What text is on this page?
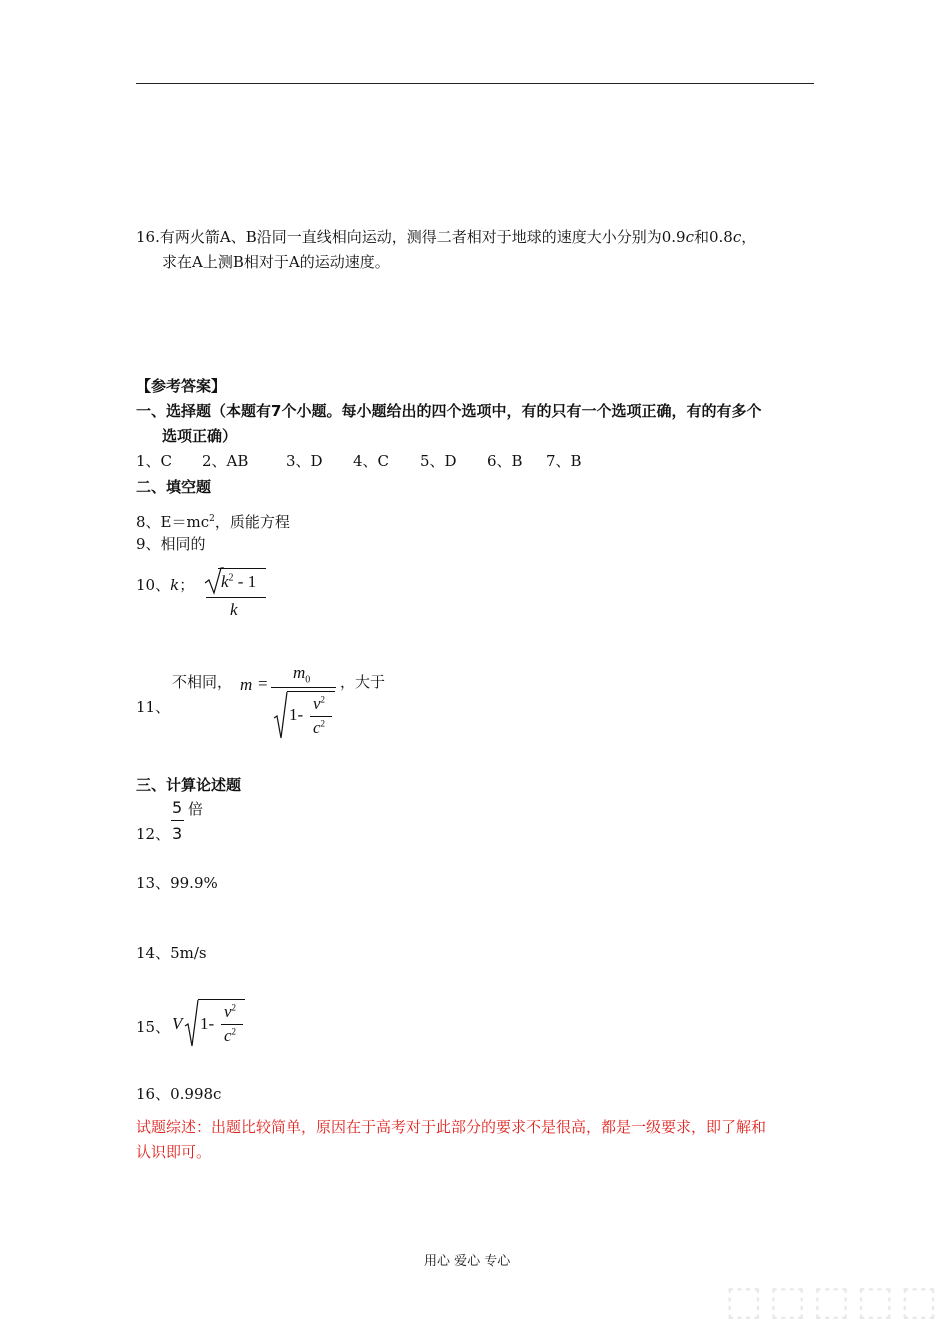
16.有两火箭A、B沿同一直线相向运动，测得二者相对于地球的速度大小分别为0.9c和0.8c，
求在A上测B相对于A的运动速度。
【参考答案】
一、选择题（本题有7个小题。每小题给出的四个选项中，有的只有一个选项正确，有的有多个
选项正确）
1、C 2、AB	3、D 4、C 5、D 6、B 7、B
二、填空题
8、$E=mc^2$，质能方程
9、相同的
10、k； $k^2 - 1$
k
11、
不相同， m =
$m_0$
1-
$v^2$
$c^2$
，大于
三、计算论述题
12、
5
3
倍
13、99.9%
14、5m/s
15、 V 1-
$v^2$
$c^2$
16、0.998c
试题综述：出题比较简单，原因在于高考对于此部分的要求不是很高，都是一级要求，即了解和
认识即可。
用心 爱心 专心
⬚⬚⬚⬚⬚
